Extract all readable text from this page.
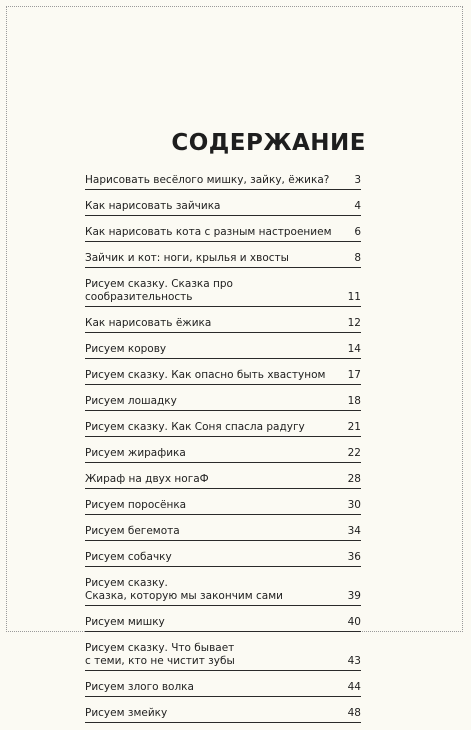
СОДЕРЖАНИЕ
Нарисовать весёлого мишку, зайку, ёжика?	3
Как нарисовать зайчика	4
Как нарисовать кота с разным настроением	6
Зайчик и кот: ноги, крылья и хвосты	8
Рисуем сказку. Сказка про сообразительность	11
Как нарисовать ёжика	12
Рисуем корову	14
Рисуем сказку. Как опасно быть хвастуном	17
Рисуем лошадку	18
Рисуем сказку. Как Соня спасла радугу	21
Рисуем жирафика	22
Жираф на двух ногаФ	28
Рисуем поросёнка	30
Рисуем бегемота	34
Рисуем собачку	36
Рисуем сказку.
Сказка, которую мы закончим сами	39
Рисуем мишку	40
Рисуем сказку. Что бывает
с теми, кто не чистит зубы	43
Рисуем злого волка	44
Рисуем змейку	48
